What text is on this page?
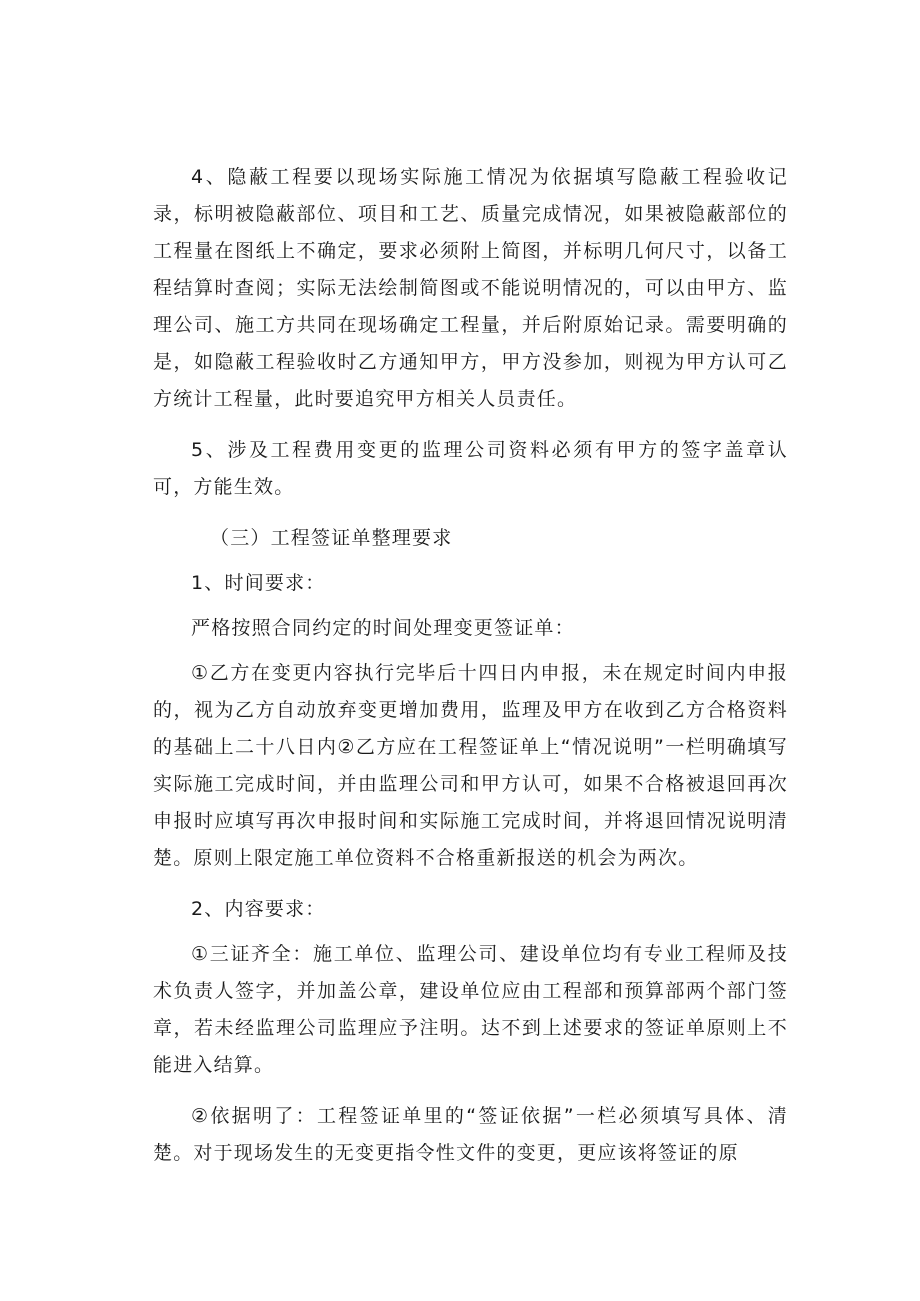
4、隐蔽工程要以现场实际施工情况为依据填写隐蔽工程验收记录，标明被隐蔽部位、项目和工艺、质量完成情况，如果被隐蔽部位的工程量在图纸上不确定，要求必须附上简图，并标明几何尺寸，以备工程结算时查阅；实际无法绘制简图或不能说明情况的，可以由甲方、监理公司、施工方共同在现场确定工程量，并后附原始记录。需要明确的是，如隐蔽工程验收时乙方通知甲方，甲方没参加，则视为甲方认可乙方统计工程量，此时要追究甲方相关人员责任。

5、涉及工程费用变更的监理公司资料必须有甲方的签字盖章认可，方能生效。

（三）工程签证单整理要求

1、时间要求：

严格按照合同约定的时间处理变更签证单：

①乙方在变更内容执行完毕后十四日内申报，未在规定时间内申报的，视为乙方自动放弃变更增加费用，监理及甲方在收到乙方合格资料的基础上二十八日内②乙方应在工程签证单上“情况说明”一栏明确填写实际施工完成时间，并由监理公司和甲方认可，如果不合格被退回再次申报时应填写再次申报时间和实际施工完成时间，并将退回情况说明清楚。原则上限定施工单位资料不合格重新报送的机会为两次。

2、内容要求：

①三证齐全：施工单位、监理公司、建设单位均有专业工程师及技术负责人签字，并加盖公章，建设单位应由工程部和预算部两个部门签章，若未经监理公司监理应予注明。达不到上述要求的签证单原则上不能进入结算。

②依据明了：工程签证单里的“签证依据”一栏必须填写具体、清楚。对于现场发生的无变更指令性文件的变更，更应该将签证的原
